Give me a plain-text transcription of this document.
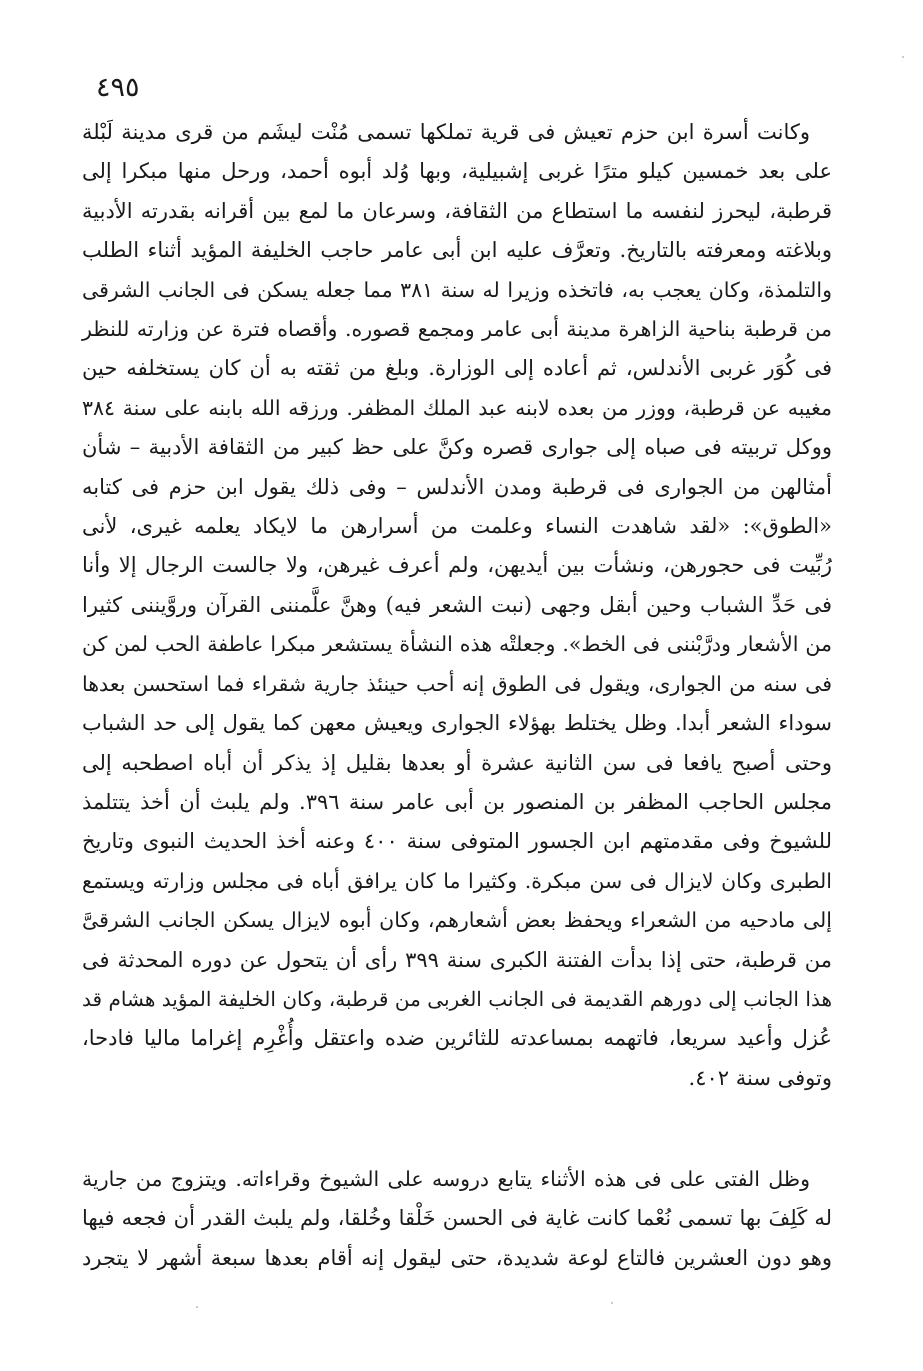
٤٩٥

وكانت أسرة ابن حزم تعيش فى قرية تملكها تسمى مُنْت ليشَم من قرى مدينة لَبْلة
على بعد خمسين كيلو مترًا غربى إشبيلية، وبها وُلد أبوه أحمد، ورحل منها مبكرا إلى
قرطبة، ليحرز لنفسه ما استطاع من الثقافة، وسرعان ما لمع بين أقرانه بقدرته الأدبية
وبلاغته ومعرفته بالتاريخ. وتعرَّف عليه ابن أبى عامر حاجب الخليفة المؤيد أثناء الطلب
والتلمذة، وكان يعجب به، فاتخذه وزيرا له سنة ٣٨١ مما جعله يسكن فى الجانب الشرقى
من قرطبة بناحية الزاهرة مدينة أبى عامر ومجمع قصوره. وأقصاه فترة عن وزارته للنظر
فى كُوَر غربى الأندلس، ثم أعاده إلى الوزارة. وبلغ من ثقته به أن كان يستخلفه حين
مغيبه عن قرطبة، ووزر من بعده لابنه عبد الملك المظفر. ورزقه الله بابنه على سنة ٣٨٤
ووكل تربيته فى صباه إلى جوارى قصره وكنَّ على حظ كبير من الثقافة الأدبية – شأن
أمثالهن من الجوارى فى قرطبة ومدن الأندلس – وفى ذلك يقول ابن حزم فى كتابه
«الطوق»: «لقد شاهدت النساء وعلمت من أسرارهن ما لايكاد يعلمه غيرى، لأنى
رُبِّيت فى حجورهن، ونشأت بين أيديهن، ولم أعرف غيرهن، ولا جالست الرجال إلا وأنا
فى حَدِّ الشباب وحين أبقل وجهى (نبت الشعر فيه) وهنَّ علَّمننى القرآن وروَّيننى كثيرا
من الأشعار ودرَّبْننى فى الخط». وجعلتْه هذه النشأة يستشعر مبكرا عاطفة الحب لمن كن
فى سنه من الجوارى، ويقول فى الطوق إنه أحب حينئذ جارية شقراء فما استحسن بعدها
سوداء الشعر أبدا. وظل يختلط بهؤلاء الجوارى ويعيش معهن كما يقول إلى حد الشباب
وحتى أصبح يافعا فى سن الثانية عشرة أو بعدها بقليل إذ يذكر أن أباه اصطحبه إلى
مجلس الحاجب المظفر بن المنصور بن أبى عامر سنة ٣٩٦. ولم يلبث أن أخذ يتتلمذ
للشيوخ وفى مقدمتهم ابن الجسور المتوفى سنة ٤٠٠ وعنه أخذ الحديث النبوى وتاريخ
الطبرى وكان لايزال فى سن مبكرة. وكثيرا ما كان يرافق أباه فى مجلس وزارته ويستمع
إلى مادحيه من الشعراء ويحفظ بعض أشعارهم، وكان أبوه لايزال يسكن الجانب الشرقىَّ
من قرطبة، حتى إذا بدأت الفتنة الكبرى سنة ٣٩٩ رأى أن يتحول عن دوره المحدثة فى
هذا الجانب إلى دورهم القديمة فى الجانب الغربى من قرطبة، وكان الخليفة المؤيد هشام قد
عُزل وأعيد سريعا، فاتهمه بمساعدته للثائرين ضده واعتقل وأُغْرِم إغراما ماليا فادحا،
وتوفى سنة ٤٠٢.

وظل الفتى على فى هذه الأثناء يتابع دروسه على الشيوخ وقراءاته. ويتزوج من جارية
له كَلِفَ بها تسمى نُعْما كانت غاية فى الحسن خَلْقا وخُلقا، ولم يلبث القدر أن فجعه فيها
وهو دون العشرين فالتاع لوعة شديدة، حتى ليقول إنه أقام بعدها سبعة أشهر لا يتجرد
